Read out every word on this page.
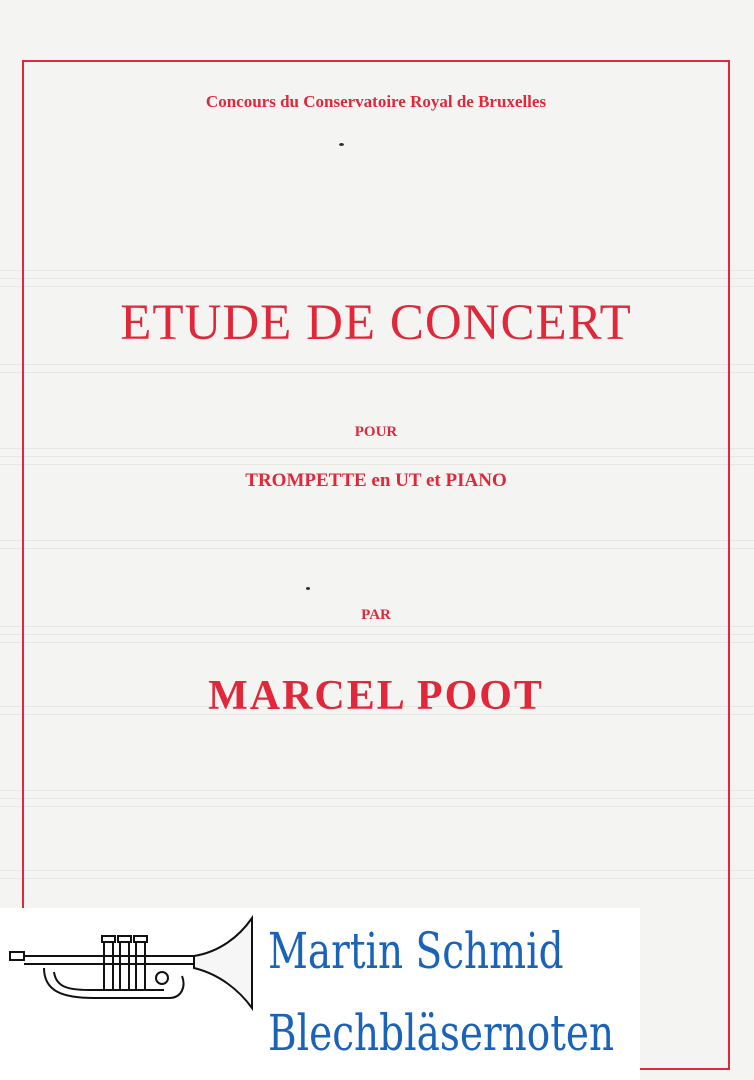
Concours du Conservatoire Royal de Bruxelles
ETUDE DE CONCERT
POUR
TROMPETTE en UT et PIANO
PAR
MARCEL POOT
Martin Schmid
Blechbläsernoten
